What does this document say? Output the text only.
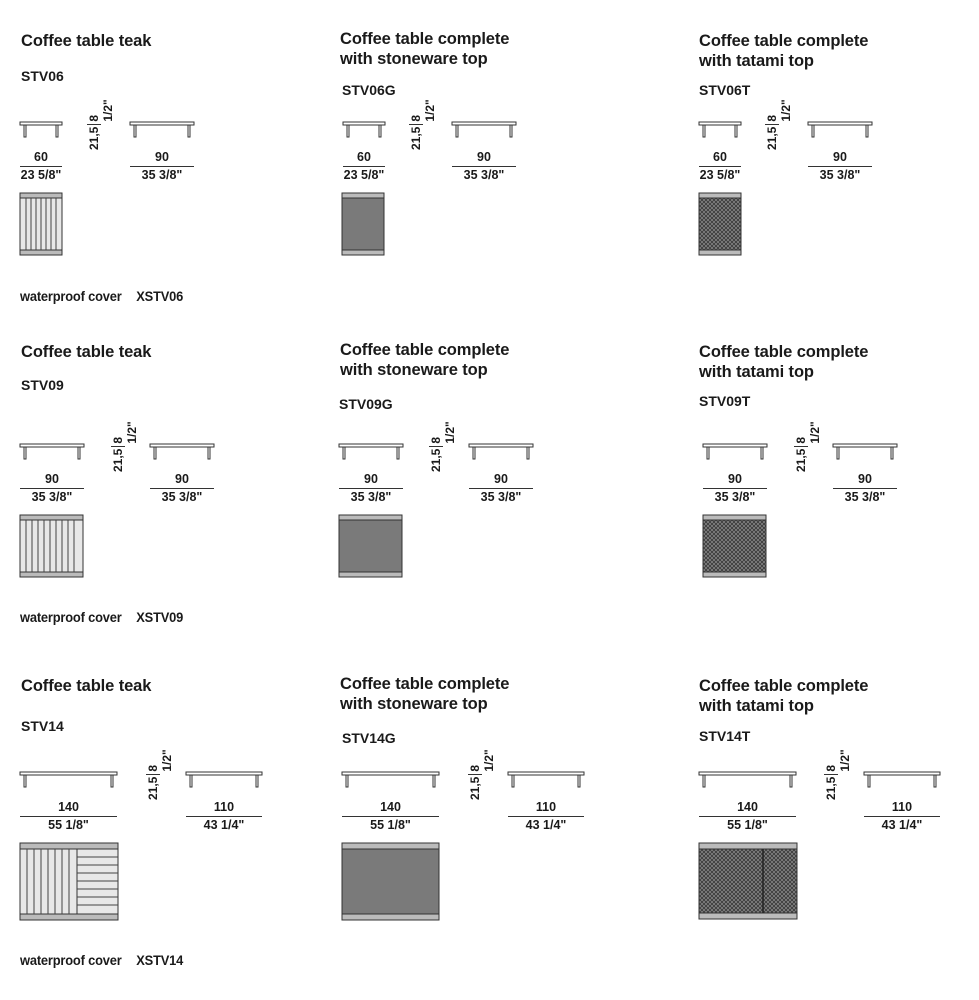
Coffee table teak
STV06
Coffee table complete
with stoneware top
STV06G
Coffee table complete
with tatami top
STV06T
60
23 5/8"
90
35 3/8"
21,5
8 1/2"
60
23 5/8"
90
35 3/8"
21,5
8 1/2"
60
23 5/8"
90
35 3/8"
21,5
8 1/2"
waterproof cover XSTV06
Coffee table teak
STV09
Coffee table complete
with stoneware top
STV09G
Coffee table complete
with tatami top
STV09T
90
35 3/8"
90
35 3/8"
21,5
8 1/2"
90
35 3/8"
90
35 3/8"
21,5
8 1/2"
90
35 3/8"
90
35 3/8"
21,5
8 1/2"
waterproof cover XSTV09
Coffee table teak
STV14
Coffee table complete
with stoneware top
STV14G
Coffee table complete
with tatami top
STV14T
140
55 1/8"
110
43 1/4"
21,5
8 1/2"
140
55 1/8"
110
43 1/4"
21,5
8 1/2"
140
55 1/8"
110
43 1/4"
21,5
8 1/2"
waterproof cover XSTV14
